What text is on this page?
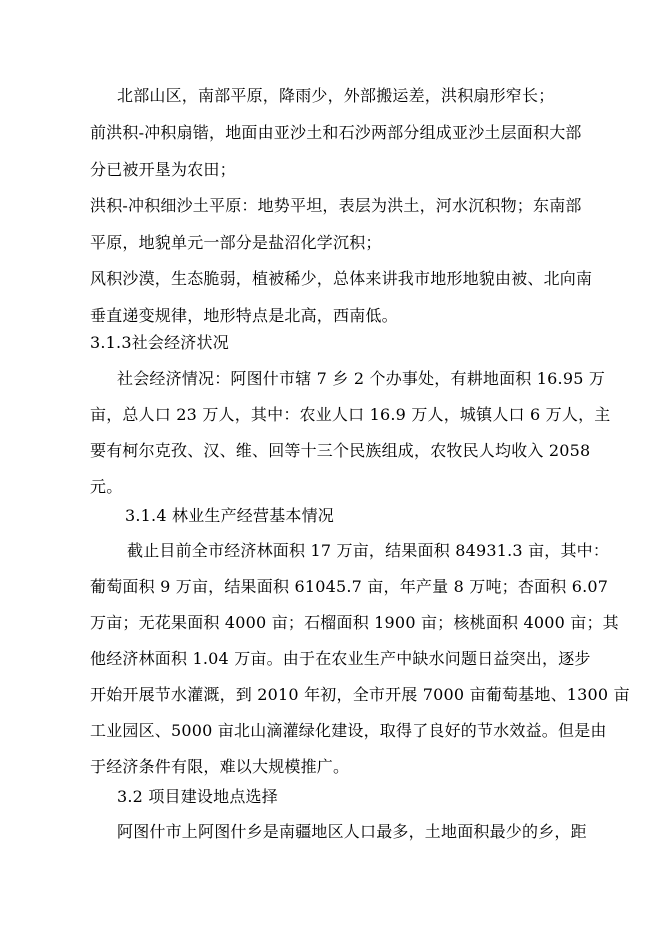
北部山区，南部平原，降雨少，外部搬运差，洪积扇形窄长；
前洪积-冲积扇锴，地面由亚沙土和石沙两部分组成亚沙土层面积大部
分已被开垦为农田；
洪积-冲积细沙土平原：地势平坦，表层为洪土，河水沉积物；东南部
平原，地貌单元一部分是盐沼化学沉积；
风积沙漠，生态脆弱，植被稀少，总体来讲我市地形地貌由被、北向南
垂直递变规律，地形特点是北高，西南低。
3.1.3社会经济状况
社会经济情况：阿图什市辖 7 乡 2 个办事处，有耕地面积 16.95 万
亩，总人口 23 万人，其中：农业人口 16.9 万人，城镇人口 6 万人，主
要有柯尔克孜、汉、维、回等十三个民族组成，农牧民人均收入 2058
元。
3.1.4 林业生产经营基本情况
截止目前全市经济林面积 17 万亩，结果面积 84931.3 亩，其中：
葡萄面积 9 万亩，结果面积 61045.7 亩，年产量 8 万吨；杏面积 6.07
万亩；无花果面积 4000 亩；石榴面积 1900 亩；核桃面积 4000 亩；其
他经济林面积 1.04 万亩。由于在农业生产中缺水问题日益突出，逐步
开始开展节水灌溉，到 2010 年初，全市开展 7000 亩葡萄基地、1300 亩
工业园区、5000 亩北山滴灌绿化建设，取得了良好的节水效益。但是由
于经济条件有限，难以大规模推广。
3.2 项目建设地点选择
阿图什市上阿图什乡是南疆地区人口最多，土地面积最少的乡，距
